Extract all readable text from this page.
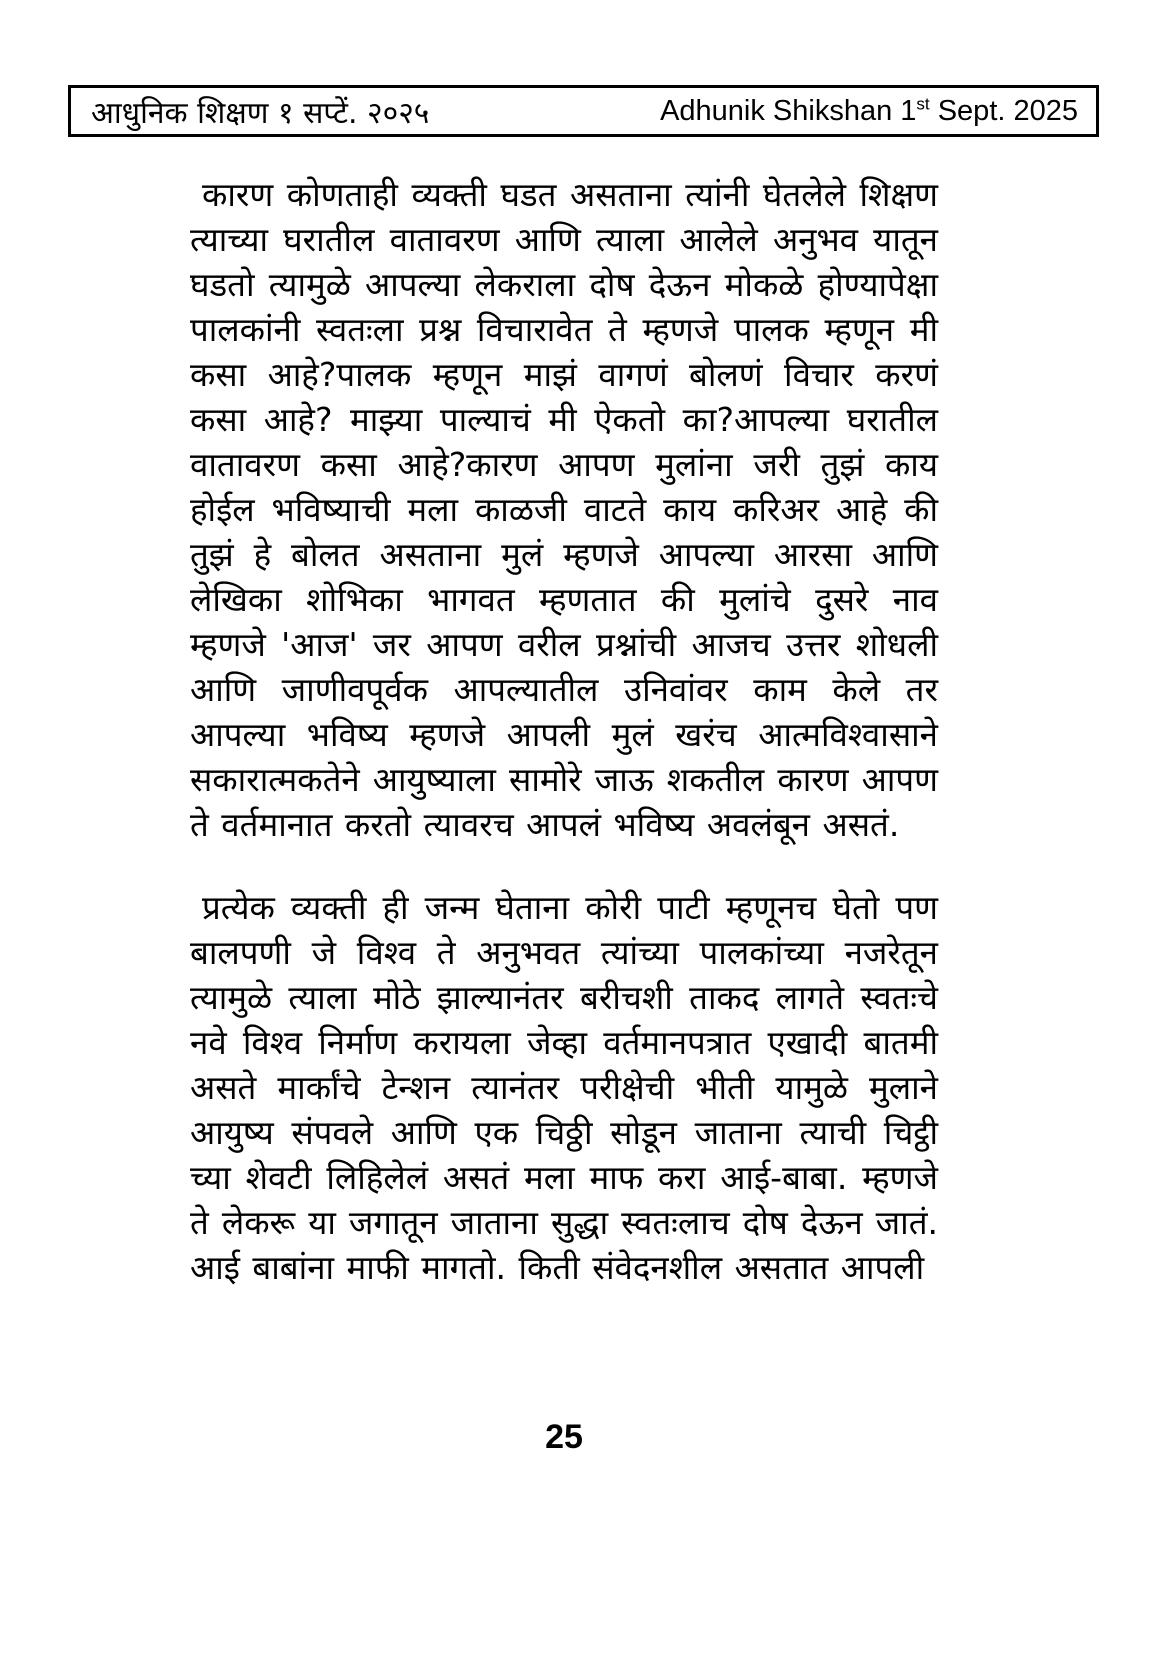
आधुनिक शिक्षण १ सप्टें. २०२५	Adhunik Shikshan 1st Sept. 2025

कारण कोणताही व्यक्ती घडत असताना त्यांनी घेतलेले शिक्षण त्याच्या घरातील वातावरण आणि त्याला आलेले अनुभव यातून घडतो त्यामुळे आपल्या लेकराला दोष देऊन मोकळे होण्यापेक्षा पालकांनी स्वतःला प्रश्न विचारावेत ते म्हणजे पालक म्हणून मी कसा आहे?पालक म्हणून माझं वागणं बोलणं विचार करणं कसा आहे? माझ्या पाल्याचं मी ऐकतो का?आपल्या घरातील वातावरण कसा आहे?कारण आपण मुलांना जरी तुझं काय होईल भविष्याची मला काळजी वाटते काय करिअर आहे की तुझं हे बोलत असताना मुलं म्हणजे आपल्या आरसा आणि लेखिका शोभिका भागवत म्हणतात की मुलांचे दुसरे नाव म्हणजे 'आज' जर आपण वरील प्रश्नांची आजच उत्तर शोधली आणि जाणीवपूर्वक आपल्यातील उनिवांवर काम केले तर आपल्या भविष्य म्हणजे आपली मुलं खरंच आत्मविश्वासाने सकारात्मकतेने आयुष्याला सामोरे जाऊ शकतील कारण आपण ते वर्तमानात करतो त्यावरच आपलं भविष्य अवलंबून असतं.

प्रत्येक व्यक्ती ही जन्म घेताना कोरी पाटी म्हणूनच घेतो पण बालपणी जे विश्व ते अनुभवत त्यांच्या पालकांच्या नजरेतून त्यामुळे त्याला मोठे झाल्यानंतर बरीचशी ताकद लागते स्वतःचे नवे विश्व निर्माण करायला जेव्हा वर्तमानपत्रात एखादी बातमी असते मार्कांचे टेन्शन त्यानंतर परीक्षेची भीती यामुळे मुलाने आयुष्य संपवले आणि एक चिठ्ठी सोडून जाताना त्याची चिट्ठी च्या शेवटी लिहिलेलं असतं मला माफ करा आई-बाबा. म्हणजे ते लेकरू या जगातून जाताना सुद्धा स्वतःलाच दोष देऊन जातं. आई बाबांना माफी मागतो. किती संवेदनशील असतात आपली

25
